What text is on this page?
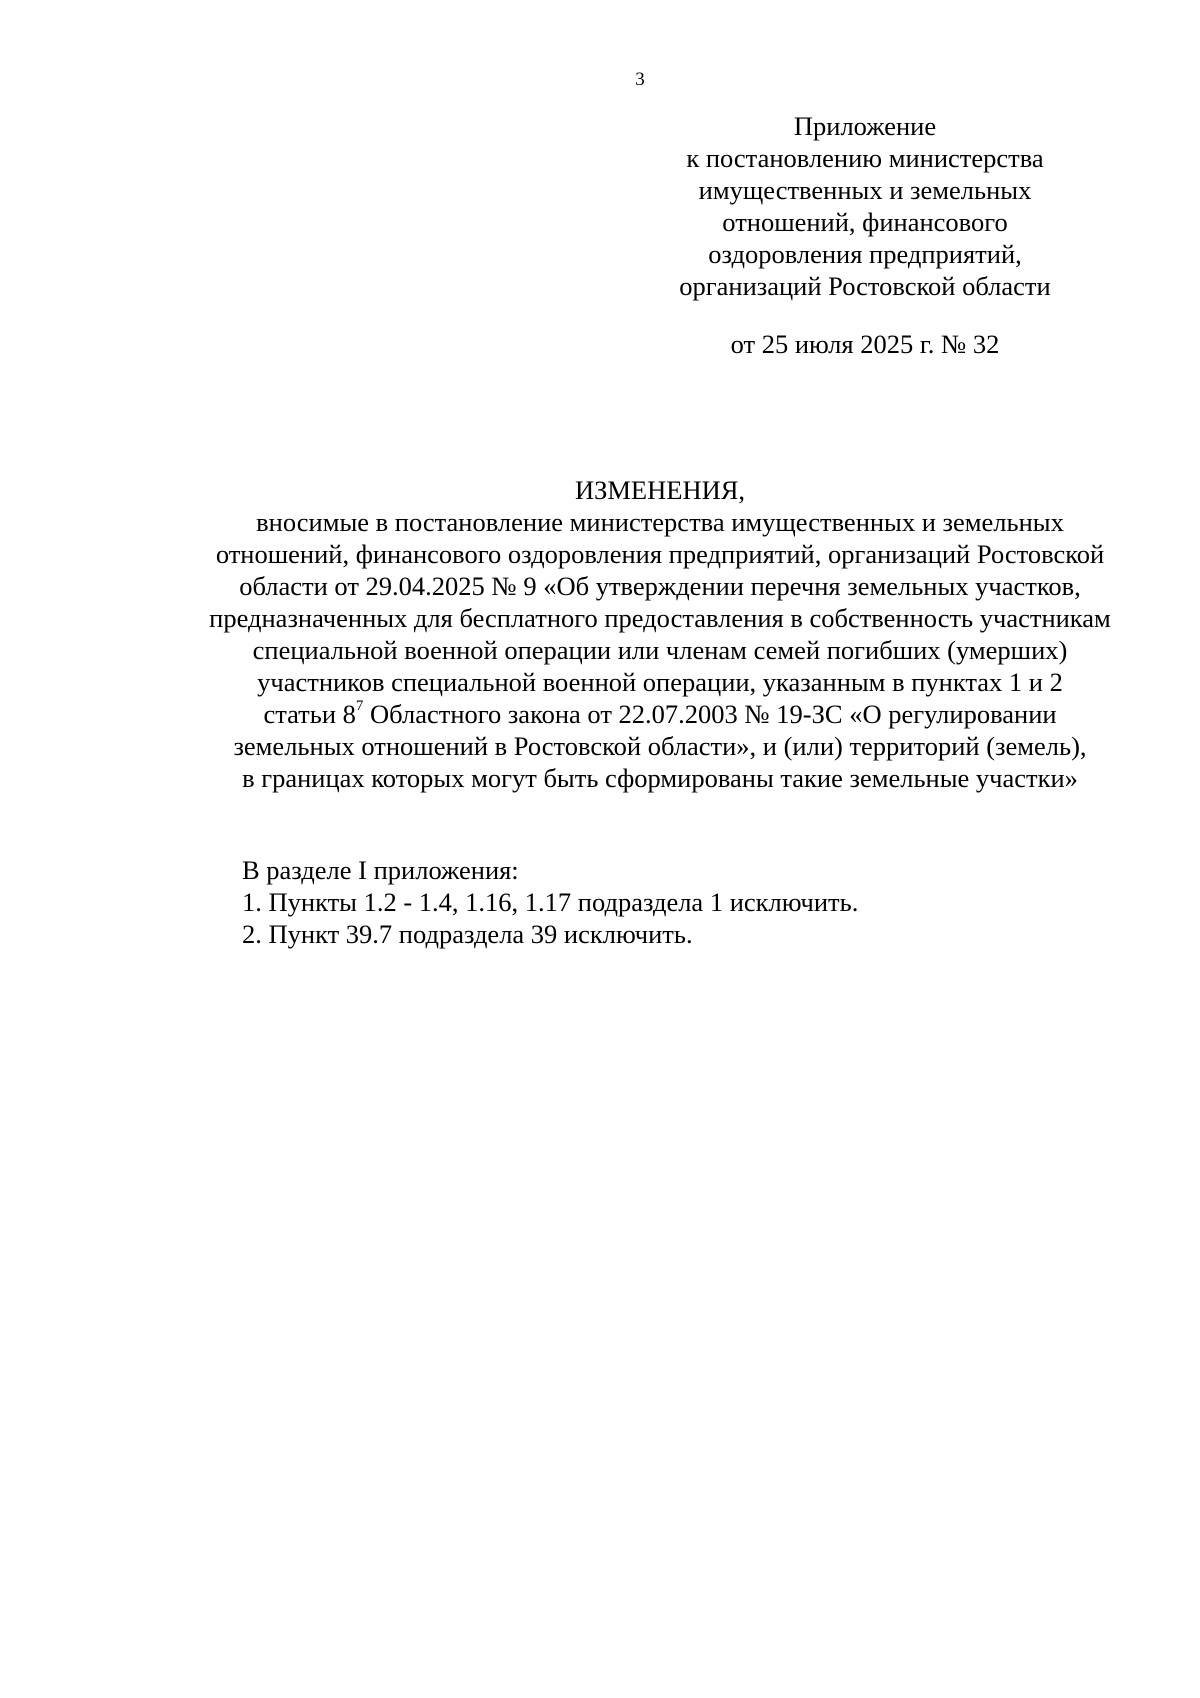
3
Приложение
к постановлению министерства
имущественных и земельных
отношений, финансового
оздоровления предприятий,
организаций Ростовской области
от 25 июля 2025 г. № 32
ИЗМЕНЕНИЯ,
вносимые в постановление министерства имущественных и земельных
отношений, финансового оздоровления предприятий, организаций Ростовской
области от 29.04.2025 № 9 «Об утверждении перечня земельных участков,
предназначенных для бесплатного предоставления в собственность участникам
специальной военной операции или членам семей погибших (умерших)
участников специальной военной операции, указанным в пунктах 1 и 2
статьи $8^7$ Областного закона от 22.07.2003 № 19-ЗС «О регулировании
земельных отношений в Ростовской области», и (или) территорий (земель),
в границах которых могут быть сформированы такие земельные участки»
В разделе I приложения:
1. Пункты 1.2 - 1.4, 1.16, 1.17 подраздела 1 исключить.
2. Пункт 39.7 подраздела 39 исключить.
